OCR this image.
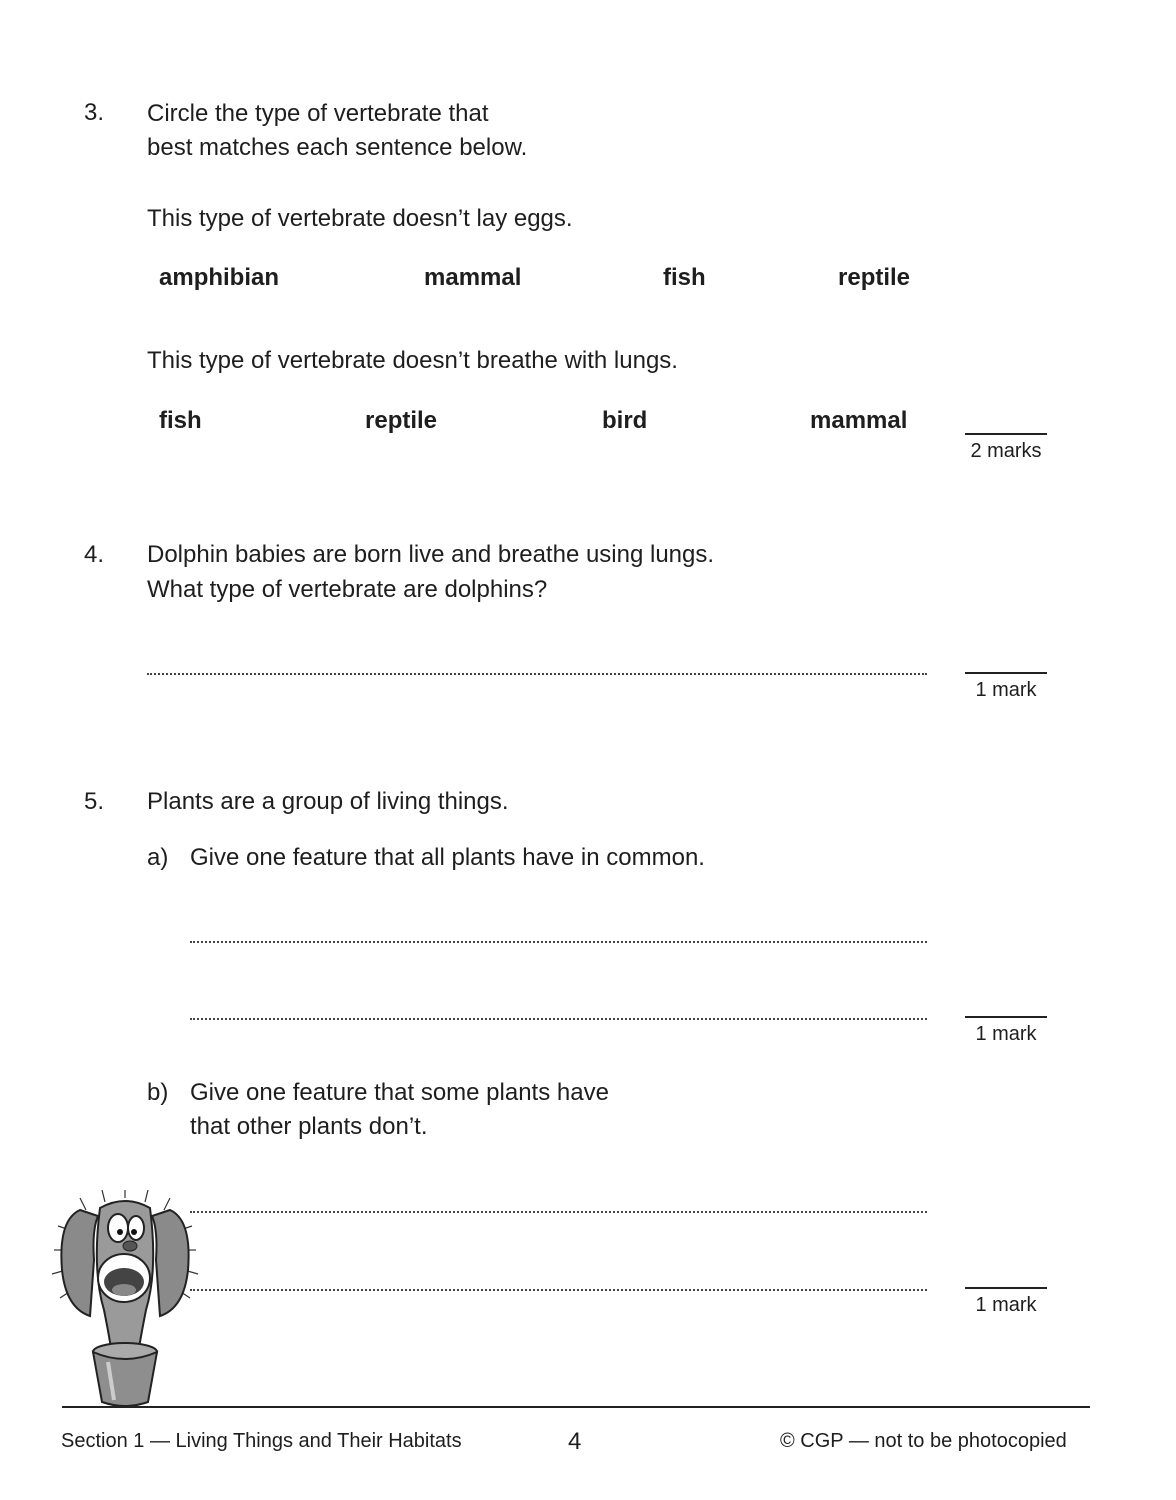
3. Circle the type of vertebrate that
best matches each sentence below.
This type of vertebrate doesn’t lay eggs.
amphibian	mammal	fish	reptile
This type of vertebrate doesn’t breathe with lungs.
fish	reptile	bird	mammal
2 marks
4. Dolphin babies are born live and breathe using lungs.
What type of vertebrate are dolphins?
1 mark
5. Plants are a group of living things.
a) Give one feature that all plants have in common.
1 mark
b) Give one feature that some plants have
that other plants don’t.
1 mark
Section 1 — Living Things and Their Habitats	4	© CGP — not to be photocopied
